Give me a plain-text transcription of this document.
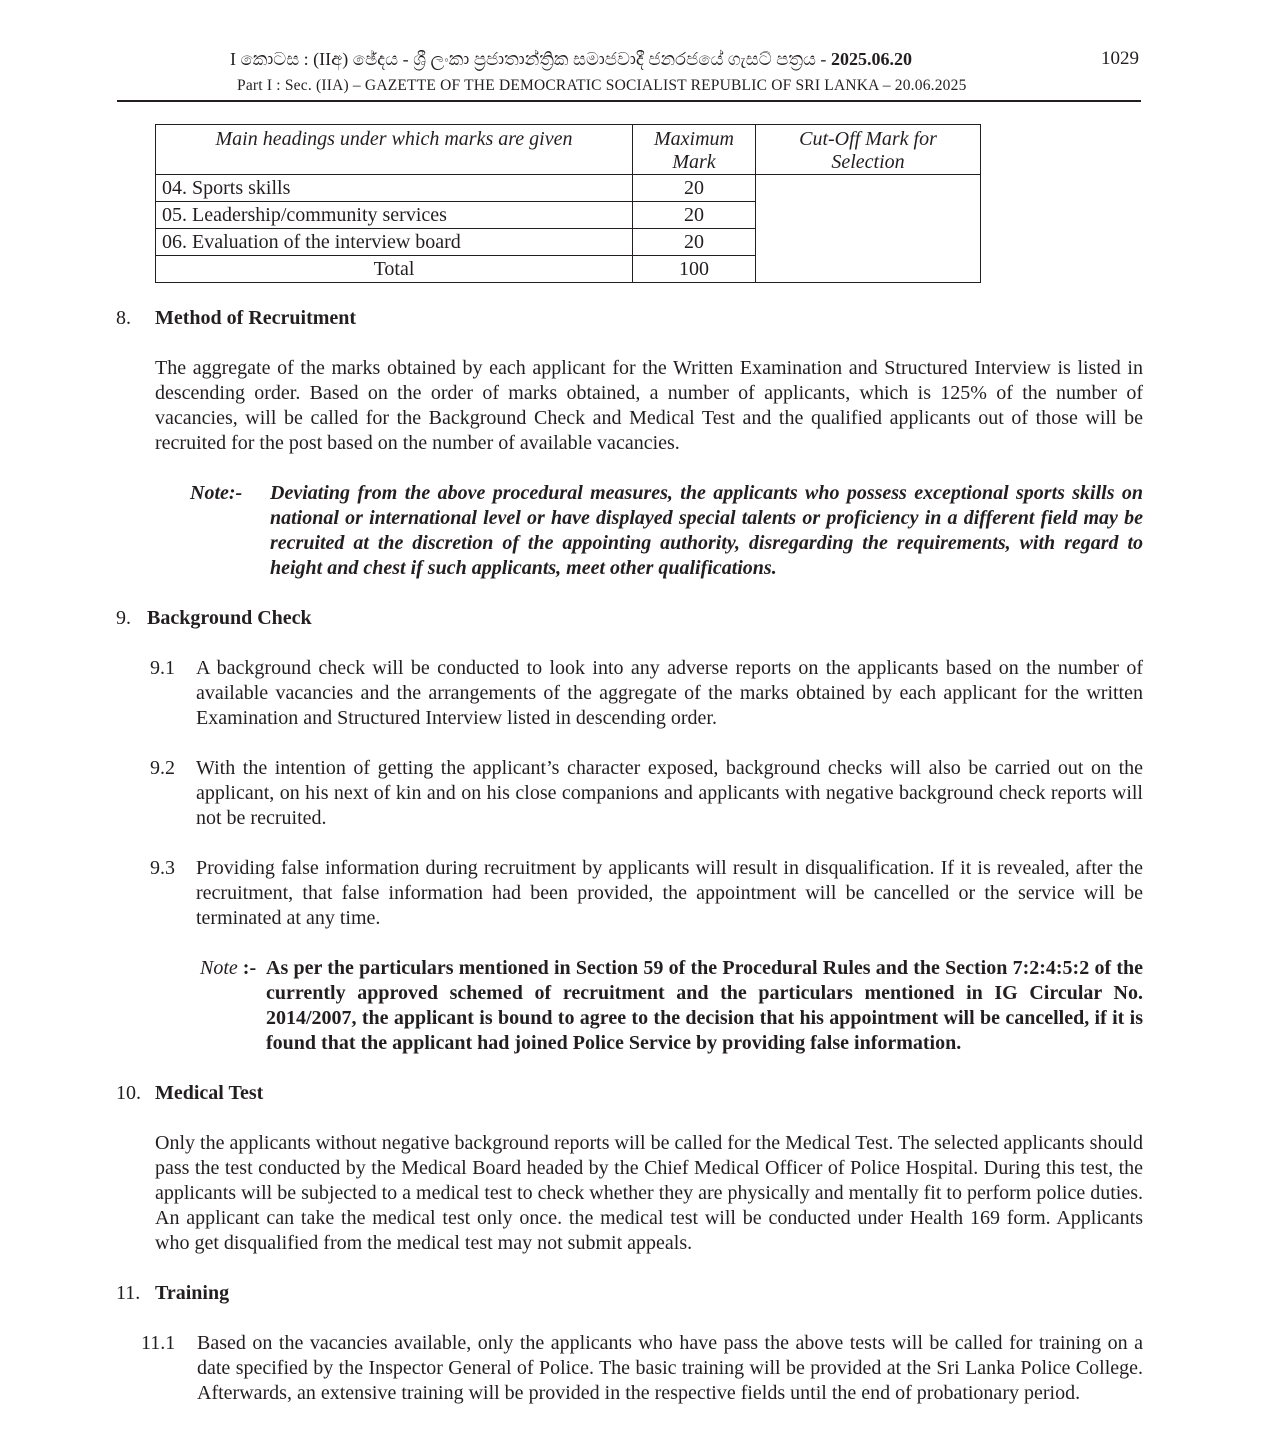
I කොටස : (IIඅ) ඡේදය - ශ්‍රී ලංකා ප්‍රජාතාන්ත්‍රික සමාජවාදී ජනරජයේ ගැසට් පත්‍රය - 2025.06.20	1029
Part I : Sec. (IIA) – GAZETTE OF THE DEMOCRATIC SOCIALIST REPUBLIC OF SRI LANKA – 20.06.2025
Main headings under which marks are given	Maximum Mark	Cut-Off Mark for Selection
04. Sports skills	20	
05. Leadership/community services	20	
06. Evaluation of the interview board	20	
Total	100	
8. Method of Recruitment
The aggregate of the marks obtained by each applicant for the Written Examination and Structured Interview is listed in descending order. Based on the order of marks obtained, a number of applicants, which is 125% of the number of vacancies, will be called for the Background Check and Medical Test and the qualified applicants out of those will be recruited for the post based on the number of available vacancies.
Note:- Deviating from the above procedural measures, the applicants who possess exceptional sports skills on national or international level or have displayed special talents or proficiency in a different field may be recruited at the discretion of the appointing authority, disregarding the requirements, with regard to height and chest if such applicants, meet other qualifications.
9. Background Check
9.1 A background check will be conducted to look into any adverse reports on the applicants based on the number of available vacancies and the arrangements of the aggregate of the marks obtained by each applicant for the written Examination and Structured Interview listed in descending order.
9.2 With the intention of getting the applicant’s character exposed, background checks will also be carried out on the applicant, on his next of kin and on his close companions and applicants with negative background check reports will not be recruited.
9.3 Providing false information during recruitment by applicants will result in disqualification. If it is revealed, after the recruitment, that false information had been provided, the appointment will be cancelled or the service will be terminated at any time.
Note :- As per the particulars mentioned in Section 59 of the Procedural Rules and the Section 7:2:4:5:2 of the currently approved schemed of recruitment and the particulars mentioned in IG Circular No. 2014/2007, the applicant is bound to agree to the decision that his appointment will be cancelled, if it is found that the applicant had joined Police Service by providing false information.
10. Medical Test
Only the applicants without negative background reports will be called for the Medical Test. The selected applicants should pass the test conducted by the Medical Board headed by the Chief Medical Officer of Police Hospital. During this test, the applicants will be subjected to a medical test to check whether they are physically and mentally fit to perform police duties. An applicant can take the medical test only once. the medical test will be conducted under Health 169 form. Applicants who get disqualified from the medical test may not submit appeals.
11. Training
11.1 Based on the vacancies available, only the applicants who have pass the above tests will be called for training on a date specified by the Inspector General of Police. The basic training will be provided at the Sri Lanka Police College. Afterwards, an extensive training will be provided in the respective fields until the end of probationary period.
